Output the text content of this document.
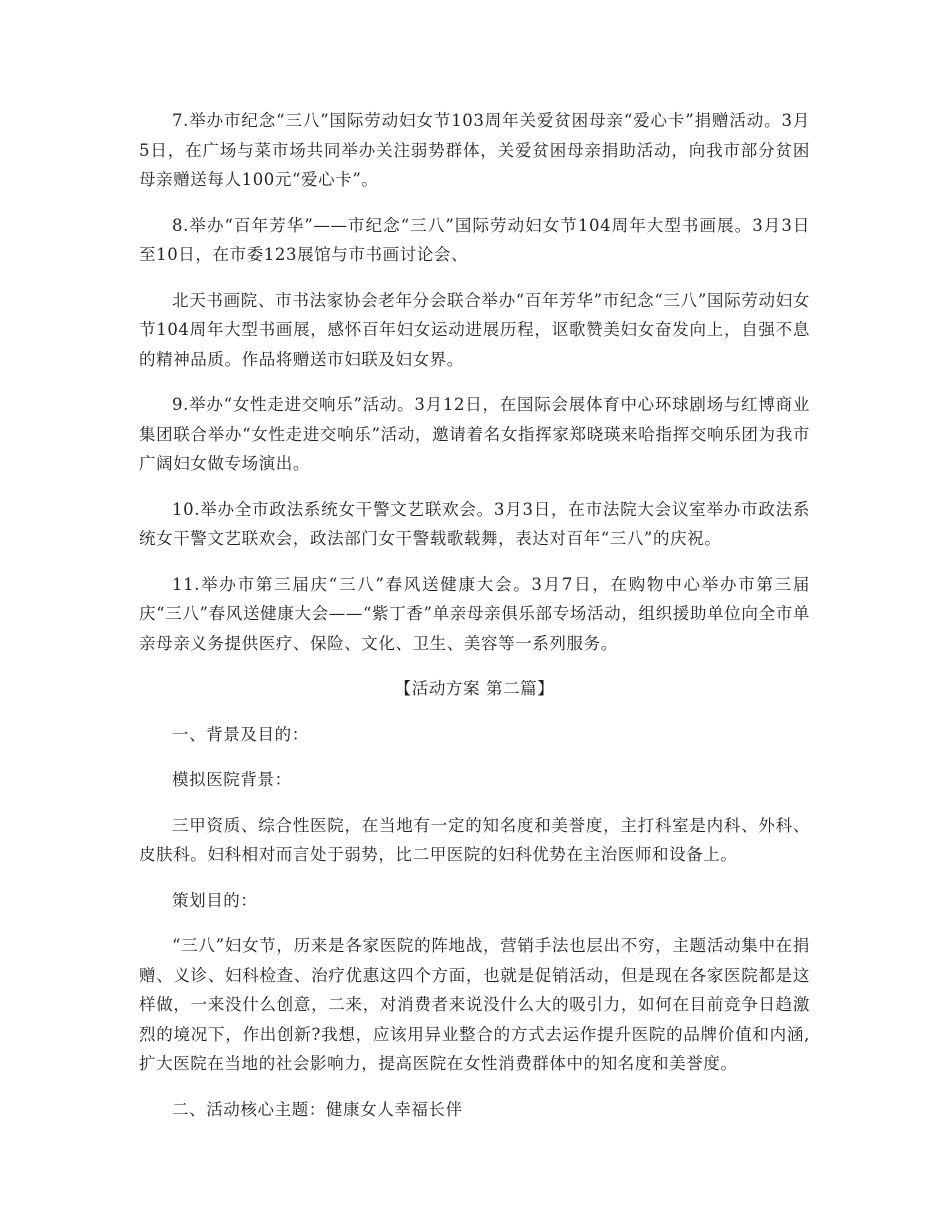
7.举办市纪念“三八”国际劳动妇女节103周年关爱贫困母亲“爱心卡”捐赠活动。3月5日，在广场与菜市场共同举办关注弱势群体，关爱贫困母亲捐助活动，向我市部分贫困母亲赠送每人100元“爱心卡”。

8.举办“百年芳华”——市纪念“三八”国际劳动妇女节104周年大型书画展。3月3日至10日，在市委123展馆与市书画讨论会、

北天书画院、市书法家协会老年分会联合举办“百年芳华”市纪念“三八”国际劳动妇女节104周年大型书画展，感怀百年妇女运动进展历程，讴歌赞美妇女奋发向上，自强不息的精神品质。作品将赠送市妇联及妇女界。

9.举办“女性走进交响乐”活动。3月12日，在国际会展体育中心环球剧场与红博商业集团联合举办“女性走进交响乐”活动，邀请着名女指挥家郑晓瑛来哈指挥交响乐团为我市广阔妇女做专场演出。

10.举办全市政法系统女干警文艺联欢会。3月3日，在市法院大会议室举办市政法系统女干警文艺联欢会，政法部门女干警载歌载舞，表达对百年“三八”的庆祝。

11.举办市第三届庆“三八”春风送健康大会。3月7日，在购物中心举办市第三届庆“三八”春风送健康大会——“紫丁香”单亲母亲俱乐部专场活动，组织援助单位向全市单亲母亲义务提供医疗、保险、文化、卫生、美容等一系列服务。

【活动方案 第二篇】

一、背景及目的：

模拟医院背景：

三甲资质、综合性医院，在当地有一定的知名度和美誉度，主打科室是内科、外科、皮肤科。妇科相对而言处于弱势，比二甲医院的妇科优势在主治医师和设备上。

策划目的：

“三八”妇女节，历来是各家医院的阵地战，营销手法也层出不穷，主题活动集中在捐赠、义诊、妇科检查、治疗优惠这四个方面，也就是促销活动，但是现在各家医院都是这样做，一来没什么创意，二来，对消费者来说没什么大的吸引力，如何在目前竞争日趋激烈的境况下，作出创新?我想，应该用异业整合的方式去运作提升医院的品牌价值和内涵,扩大医院在当地的社会影响力，提高医院在女性消费群体中的知名度和美誉度。

二、活动核心主题：健康女人幸福长伴
